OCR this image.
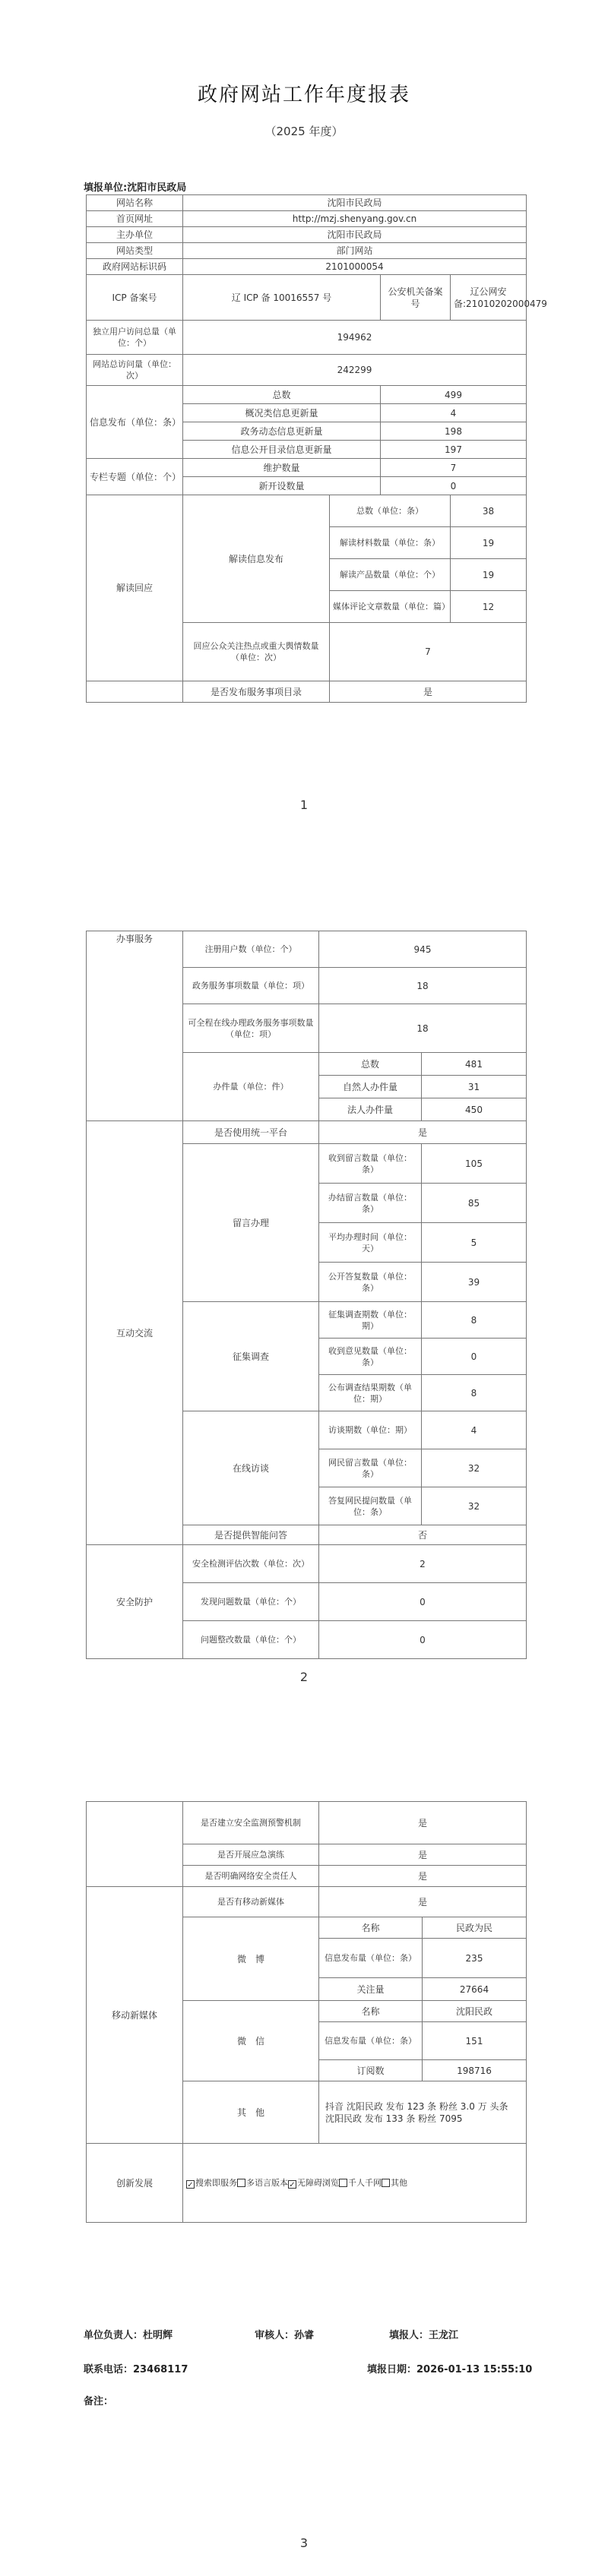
政府网站工作年度报表
（2025 年度）
填报单位:沈阳市民政局
网站名称	沈阳市民政局			
首页网址	http://mzj.shenyang.gov.cn			
主办单位	沈阳市民政局			
网站类型	部门网站			
政府网站标识码	2101000054			
ICP 备案号	辽 ICP 备 10016557 号		公安机关备案号	辽公网安备:21010202000479
独立用户访问总量（单位：个）	194962			
网站总访问量（单位：次）	242299			
信息发布（单位：条）	总数		499	
	概况类信息更新量		4	
	政务动态信息更新量		198	
	信息公开目录信息更新量		197	
专栏专题（单位：个）	维护数量		7	
	新开设数量		0	
解读回应	解读信息发布	总数（单位：条）		38
		解读材料数量（单位：条）		19
		解读产品数量（单位：个）		19
		媒体评论文章数量（单位：篇）		12
	回应公众关注热点或重大舆情数量（单位：次）	7		
	是否发布服务事项目录	是		
1
办事服务	注册用户数（单位：个）	945	
	政务服务事项数量（单位：项）	18	
	可全程在线办理政务服务事项数量（单位：项）	18	
	办件量（单位：件）	总数	481
		自然人办件量	31
		法人办件量	450
互动交流	是否使用统一平台	是	
	留言办理	收到留言数量（单位：条）	105
		办结留言数量（单位：条）	85
		平均办理时间（单位：天）	5
		公开答复数量（单位：条）	39
	征集调查	征集调查期数（单位：期）	8
		收到意见数量（单位：条）	0
		公布调查结果期数（单位：期）	8
	在线访谈	访谈期数（单位：期）	4
		网民留言数量（单位：条）	32
		答复网民提问数量（单位：条）	32
	是否提供智能问答	否	
安全防护	安全检测评估次数（单位：次）	2	
	发现问题数量（单位：个）	0	
	问题整改数量（单位：个）	0	
2
	是否建立安全监测预警机制	是	
	是否开展应急演练	是	
	是否明确网络安全责任人	是	
移动新媒体	是否有移动新媒体	是	
	微　博	名称	民政为民
		信息发布量（单位：条）	235
		关注量	27664
	微　信	名称	沈阳民政
		信息发布量（单位：条）	151
		订阅数	198716
	其　他	抖音 沈阳民政 发布 123 条 粉丝 3.0 万 头条 沈阳民政 发布 133 条 粉丝 7095	
创新发展	✓ 搜索即服务 多语言版本✓ 无障碍浏览 千人千网 其他		
单位负责人：杜明辉	审核人：孙睿	填报人：王龙江
联系电话：23468117	填报日期：2026-01-13 15:55:10
备注：
3
